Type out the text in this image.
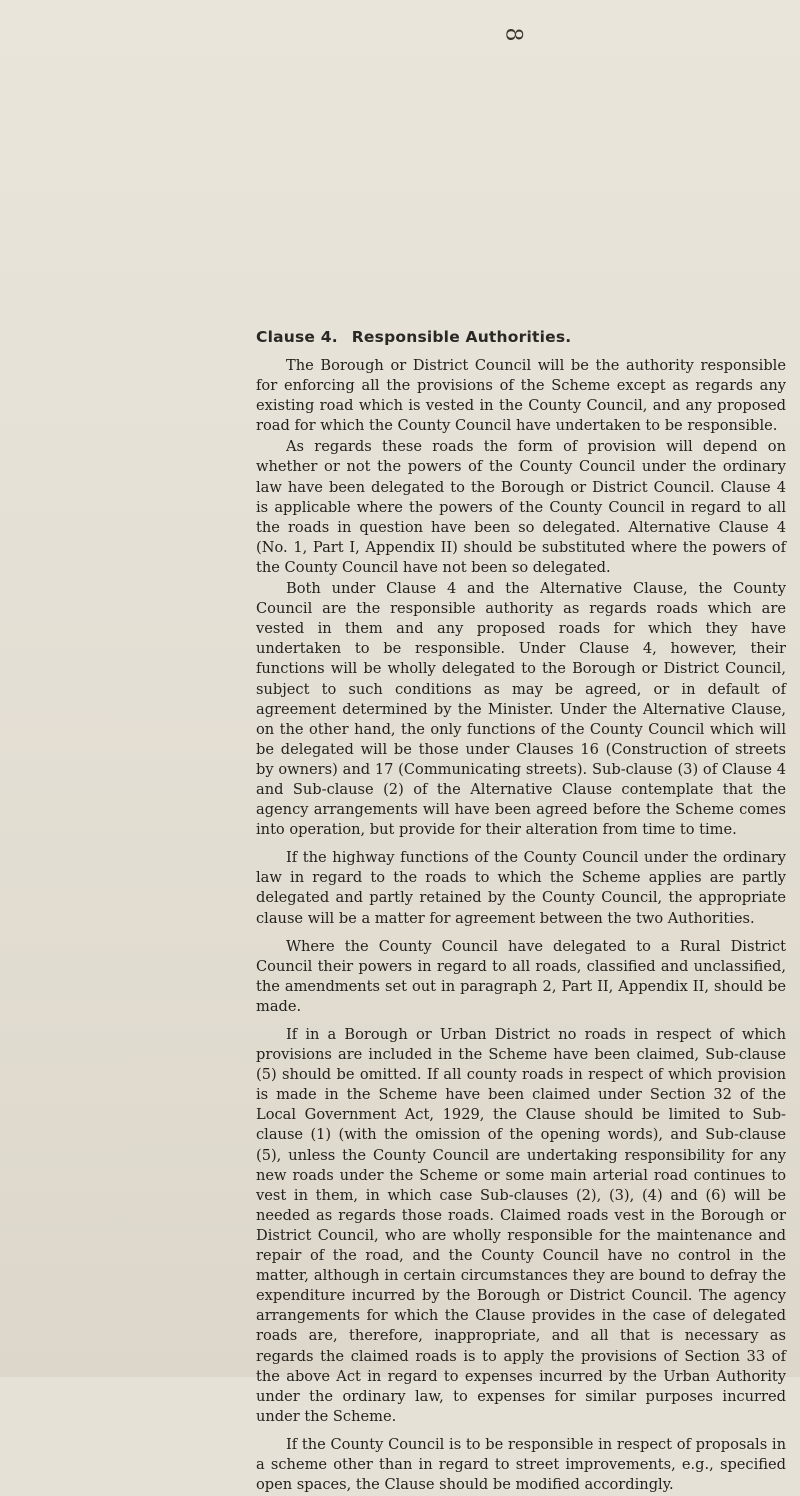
8
Clause 4. Responsible Authorities.

The Borough or District Council will be the authority responsible for enforcing all the provisions of the Scheme except as regards any existing road which is vested in the County Council, and any proposed road for which the County Council have undertaken to be responsible.

As regards these roads the form of provision will depend on whether or not the powers of the County Council under the ordinary law have been delegated to the Borough or District Council. Clause 4 is applicable where the powers of the County Council in regard to all the roads in question have been so delegated. Alternative Clause 4 (No. 1, Part I, Appendix II) should be substituted where the powers of the County Council have not been so delegated.

Both under Clause 4 and the Alternative Clause, the County Council are the responsible authority as regards roads which are vested in them and any proposed roads for which they have undertaken to be responsible. Under Clause 4, however, their functions will be wholly delegated to the Borough or District Council, subject to such conditions as may be agreed, or in default of agreement determined by the Minister. Under the Alternative Clause, on the other hand, the only functions of the County Council which will be delegated will be those under Clauses 16 (Construction of streets by owners) and 17 (Communicating streets). Sub-clause (3) of Clause 4 and Sub-clause (2) of the Alternative Clause contemplate that the agency arrangements will have been agreed before the Scheme comes into operation, but provide for their alteration from time to time.

If the highway functions of the County Council under the ordinary law in regard to the roads to which the Scheme applies are partly delegated and partly retained by the County Council, the appropriate clause will be a matter for agreement between the two Authorities.

Where the County Council have delegated to a Rural District Council their powers in regard to all roads, classified and unclassified, the amendments set out in paragraph 2, Part II, Appendix II, should be made.

If in a Borough or Urban District no roads in respect of which provisions are included in the Scheme have been claimed, Sub-clause (5) should be omitted. If all county roads in respect of which provision is made in the Scheme have been claimed under Section 32 of the Local Government Act, 1929, the Clause should be limited to Sub-clause (1) (with the omission of the opening words), and Sub-clause (5), unless the County Council are undertaking responsibility for any new roads under the Scheme or some main arterial road continues to vest in them, in which case Sub-clauses (2), (3), (4) and (6) will be needed as regards those roads. Claimed roads vest in the Borough or District Council, who are wholly responsible for the maintenance and repair of the road, and the County Council have no control in the matter, although in certain circumstances they are bound to defray the expenditure incurred by the Borough or District Council. The agency arrangements for which the Clause provides in the case of delegated roads are, therefore, inappropriate, and all that is necessary as regards the claimed roads is to apply the provisions of Section 33 of the above Act in regard to expenses incurred by the Urban Authority under the ordinary law, to expenses for similar purposes incurred under the Scheme.

If the County Council is to be responsible in respect of proposals in a scheme other than in regard to street improvements, e.g., specified open spaces, the Clause should be modified accordingly.
